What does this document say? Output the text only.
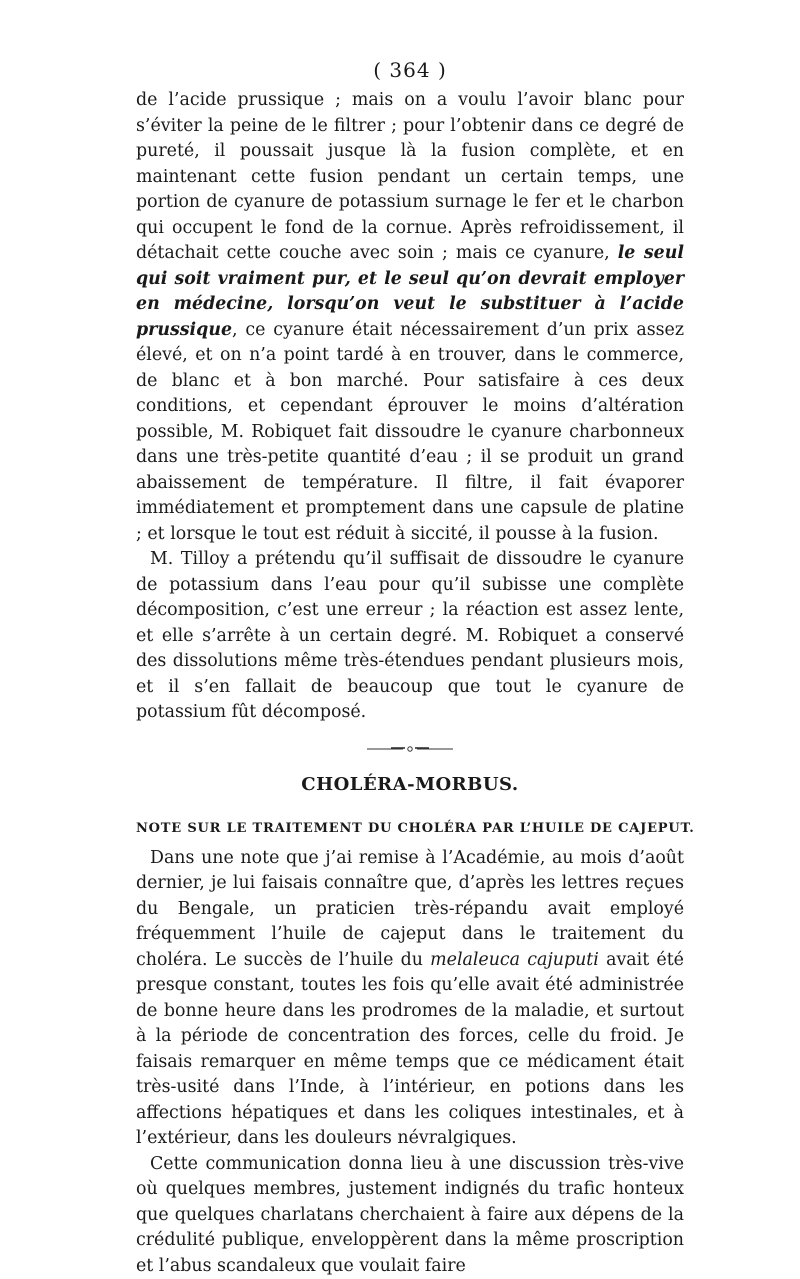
( 364 )

de l’acide prussique ; mais on a voulu l’avoir blanc pour s’éviter la peine de le filtrer ; pour l’obtenir dans ce degré de pureté, il poussait jusque là la fusion complète, et en maintenant cette fusion pendant un certain temps, une portion de cyanure de potassium surnage le fer et le charbon qui occupent le fond de la cornue. Après refroidissement, il détachait cette couche avec soin ; mais ce cyanure, le seul qui soit vraiment pur, et le seul qu’on devrait employer en médecine, lorsqu’on veut le substituer à l’acide prussique, ce cyanure était nécessairement d’un prix assez élevé, et on n’a point tardé à en trouver, dans le commerce, de blanc et à bon marché. Pour satisfaire à ces deux conditions, et cependant éprouver le moins d’altération possible, M. Robiquet fait dissoudre le cyanure charbonneux dans une très-petite quantité d’eau ; il se produit un grand abaissement de température. Il filtre, il fait évaporer immédiatement et promptement dans une capsule de platine ; et lorsque le tout est réduit à siccité, il pousse à la fusion.

M. Tilloy a prétendu qu’il suffisait de dissoudre le cyanure de potassium dans l’eau pour qu’il subisse une complète décomposition, c’est une erreur ; la réaction est assez lente, et elle s’arrête à un certain degré. M. Robiquet a conservé des dissolutions même très-étendues pendant plusieurs mois, et il s’en fallait de beaucoup que tout le cyanure de potassium fût décomposé.

CHOLÉRA-MORBUS.
NOTE SUR LE TRAITEMENT DU CHOLÉRA PAR L’HUILE DE CAJEPUT.

Dans une note que j’ai remise à l’Académie, au mois d’août dernier, je lui faisais connaître que, d’après les lettres reçues du Bengale, un praticien très-répandu avait employé fréquemment l’huile de cajeput dans le traitement du choléra. Le succès de l’huile du melaleuca cajuputi avait été presque constant, toutes les fois qu’elle avait été administrée de bonne heure dans les prodromes de la maladie, et surtout à la période de concentration des forces, celle du froid. Je faisais remarquer en même temps que ce médicament était très-usité dans l’Inde, à l’intérieur, en potions dans les affections hépatiques et dans les coliques intestinales, et à l’extérieur, dans les douleurs névralgiques.

Cette communication donna lieu à une discussion très-vive où quelques membres, justement indignés du trafic honteux que quelques charlatans cherchaient à faire aux dépens de la crédulité publique, enveloppèrent dans la même proscription et l’abus scandaleux que voulait faire
